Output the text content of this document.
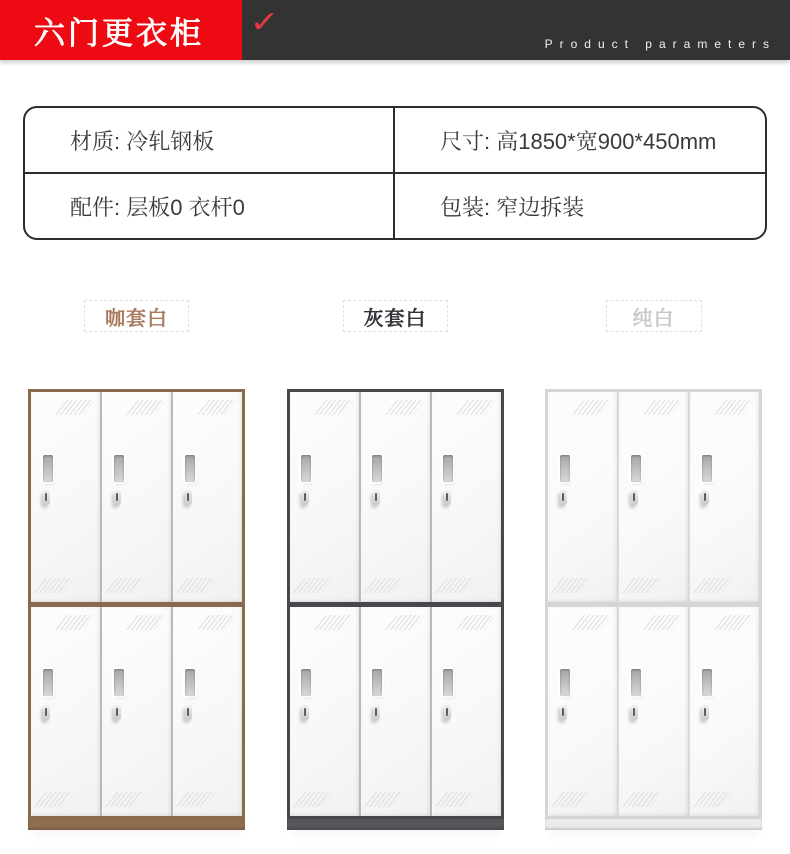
六门更衣柜 ✓
Product parameters
材质: 冷轧钢板	尺寸: 高1850*宽900*450mm
配件: 层板0 衣杆0	包装: 窄边拆装
咖套白	灰套白	纯白
